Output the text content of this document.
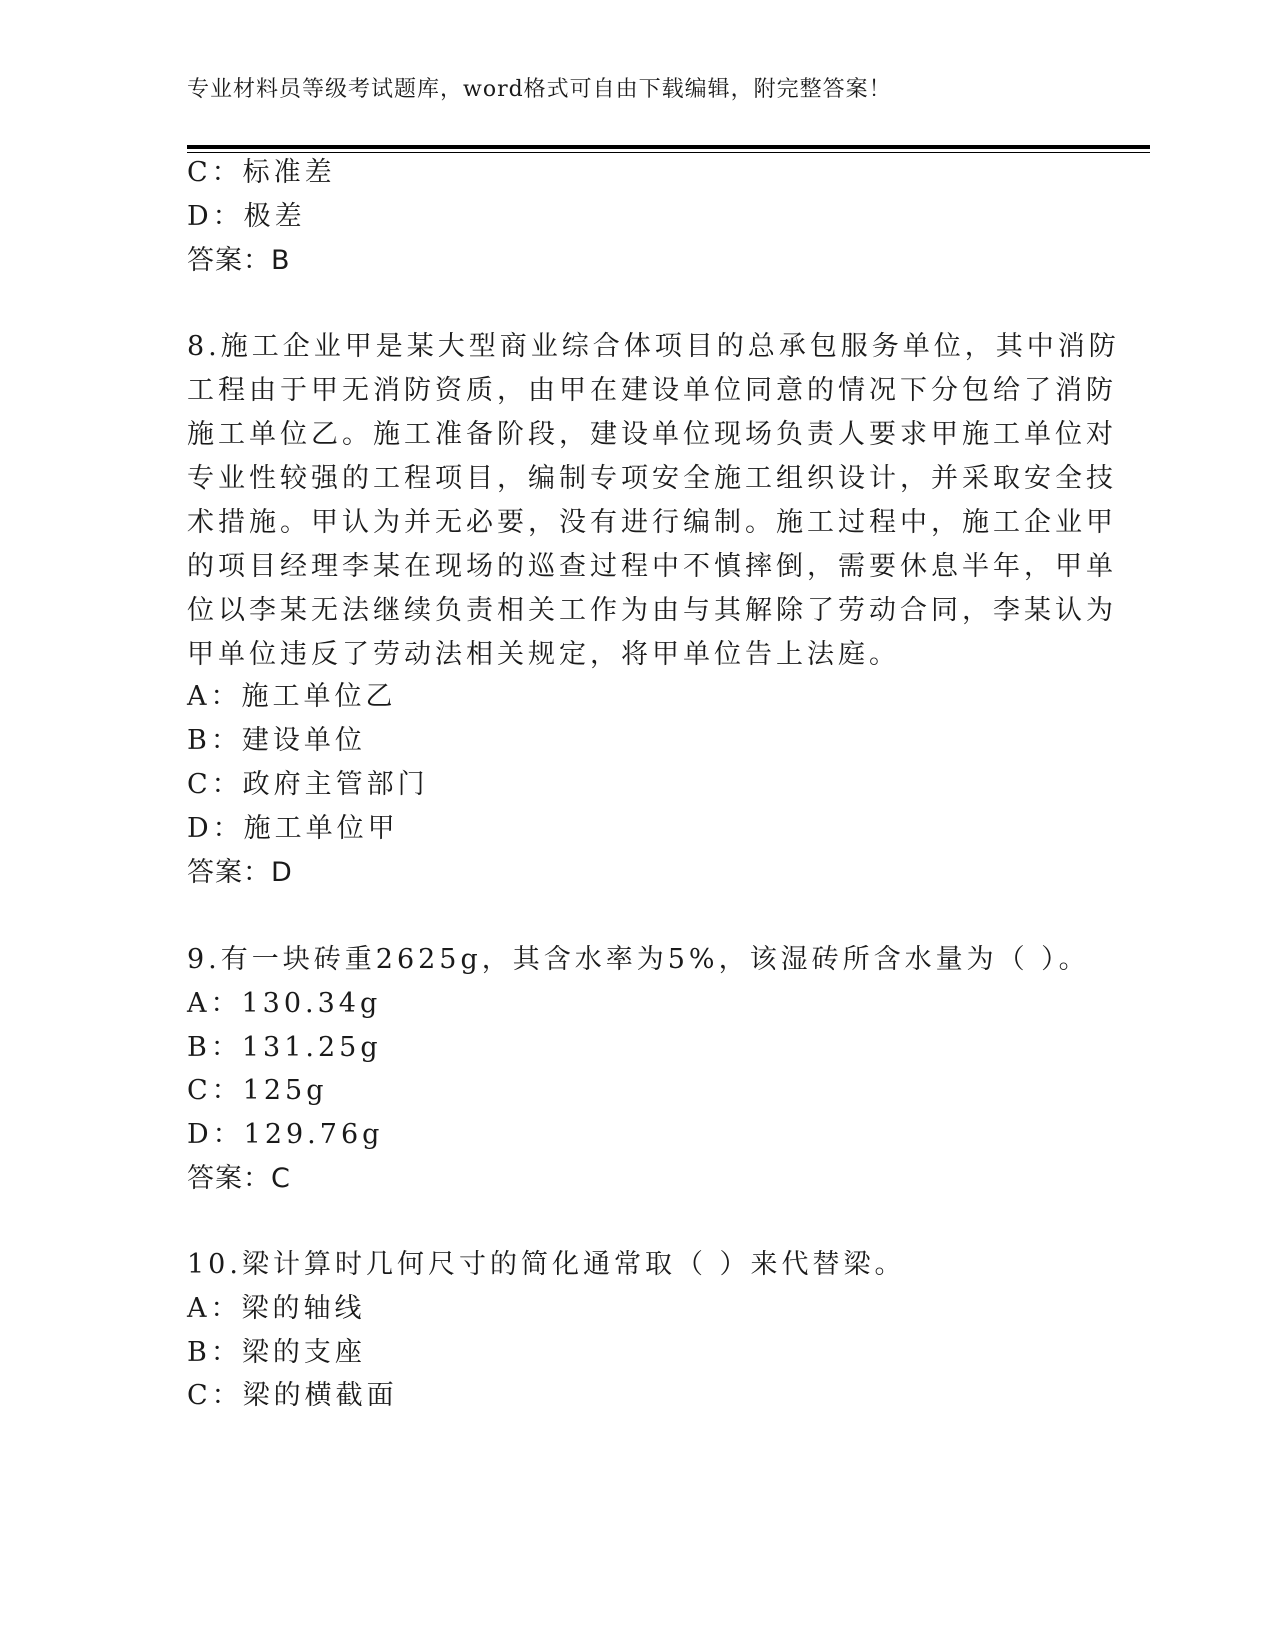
专业材料员等级考试题库，word格式可自由下载编辑，附完整答案！
C：标准差
D：极差
答案：B
8.施工企业甲是某大型商业综合体项目的总承包服务单位，其中消防
工程由于甲无消防资质，由甲在建设单位同意的情况下分包给了消防
施工单位乙。施工准备阶段，建设单位现场负责人要求甲施工单位对
专业性较强的工程项目，编制专项安全施工组织设计，并采取安全技
术措施。甲认为并无必要，没有进行编制。施工过程中，施工企业甲
的项目经理李某在现场的巡查过程中不慎摔倒，需要休息半年，甲单
位以李某无法继续负责相关工作为由与其解除了劳动合同，李某认为
甲单位违反了劳动法相关规定，将甲单位告上法庭。
A：施工单位乙
B：建设单位
C：政府主管部门
D：施工单位甲
答案：D
9.有一块砖重2625g，其含水率为5%，该湿砖所含水量为（ ）。
A：130.34g
B：131.25g
C：125g
D：129.76g
答案：C
10.梁计算时几何尺寸的简化通常取（ ）来代替梁。
A：梁的轴线
B：梁的支座
C：梁的横截面
